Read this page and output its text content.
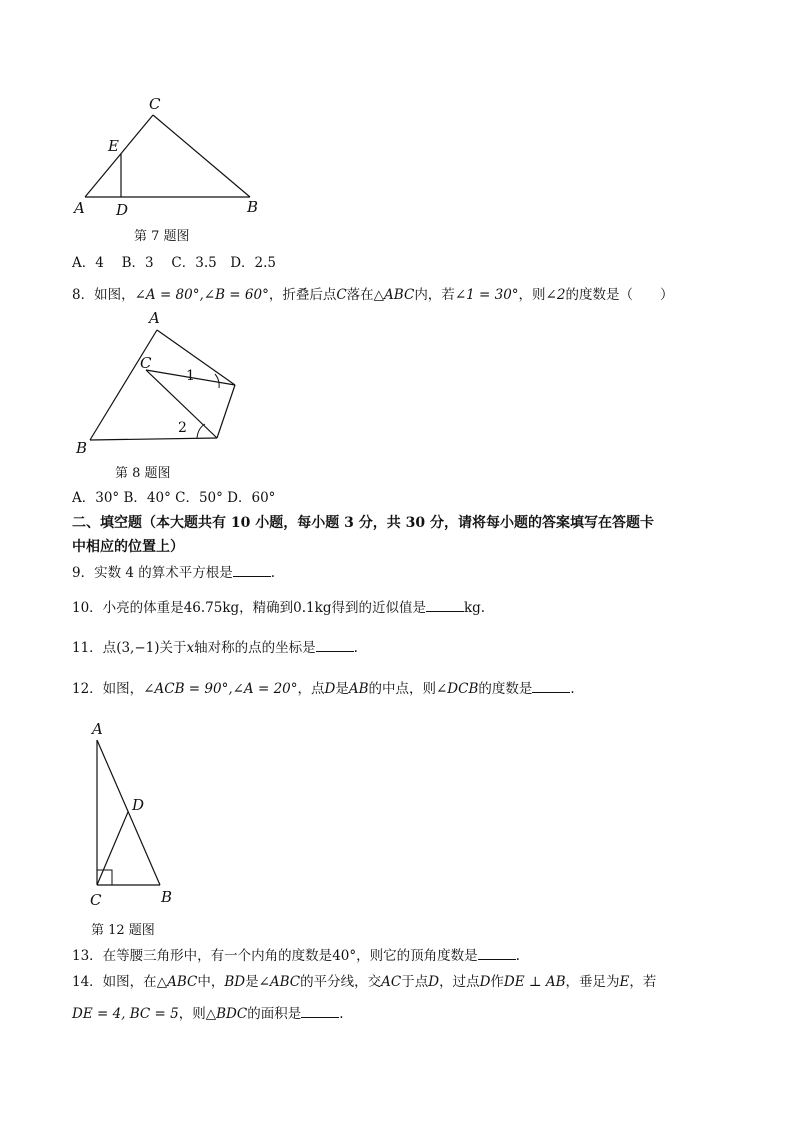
C
E
A D	B
第 7 题图
A．4　 B．3　 C．3.5　D．2.5
8．如图，∠A = 80°,∠B = 60°，折叠后点C落在△ABC内，若∠1 = 30°，则∠2的度数是（　　）
A
C
1
2
B
第 8 题图
A．30° B．40° C．50° D．60°
二、填空题（本大题共有 10 小题，每小题 3 分，共 30 分，请将每小题的答案填写在答题卡
中相应的位置上）
9．实数 4 的算术平方根是	.
10．小亮的体重是46.75kg，精确到0.1kg得到的近似值是	kg.
11．点(3,−1)关于x轴对称的点的坐标是	.
12．如图，∠ACB = 90°,∠A = 20°，点D是AB的中点，则∠DCB的度数是	.
A
D
C	B
第 12 题图
13．在等腰三角形中，有一个内角的度数是40°，则它的顶角度数是	.
14．如图，在△ABC中，BD是∠ABC的平分线，交AC于点D，过点D作DE ⊥ AB，垂足为E，若
DE = 4, BC = 5，则△BDC的面积是	.
